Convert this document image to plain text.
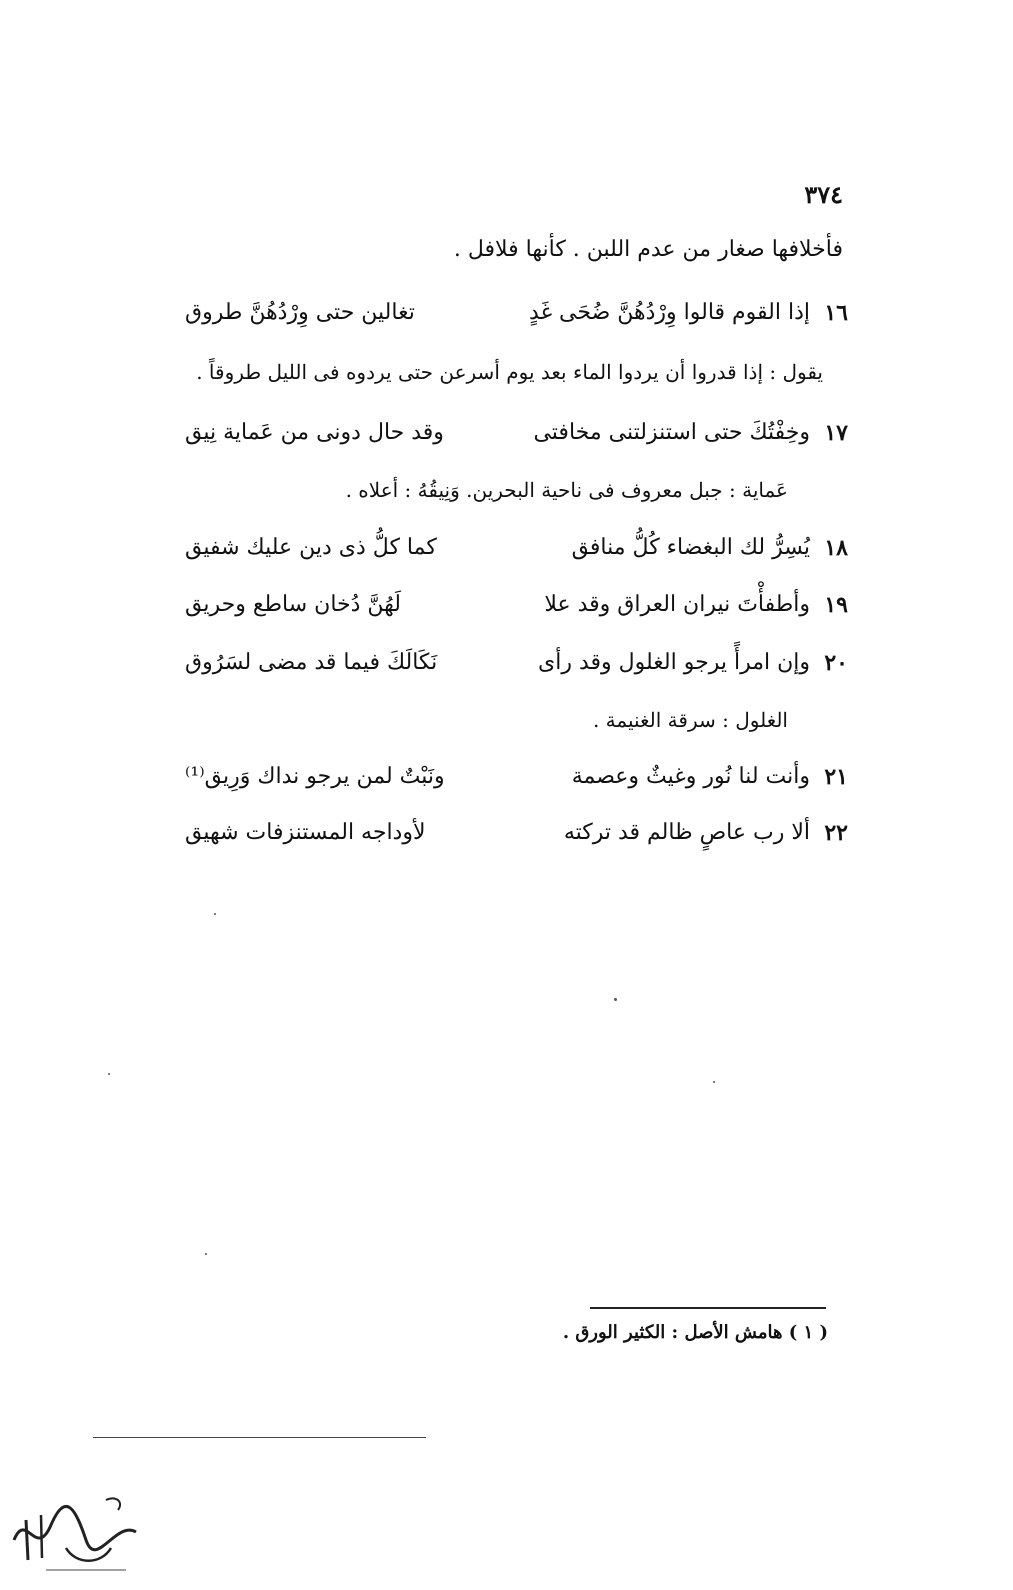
٣٧٤
فأخلافها صغار من عدم اللبن . كأنها فلافل .
١٦
إذا القوم قالوا وِرْدُهُنَّ ضُحَى غَدٍ
تغالين حتى وِرْدُهُنَّ طروق
يقول : إذا قدروا أن يردوا الماء بعد يوم أسرعن حتى يردوه فى الليل طروقاً .
١٧
وخِفْتُكَ حتى استنزلتنى مخافتى
وقد حال دونى من عَماية نِيق
عَماية : جبل معروف فى ناحية البحرين. وَنِيقُهُ : أعلاه .
١٨
يُسِرُّ لك البغضاء كُلُّ منافق
كما كلُّ ذى دين عليك شفيق
١٩
وأطفأْتَ نيران العراق وقد علا
لَهُنَّ دُخان ساطع وحريق
٢٠
وإن امرأً يرجو الغلول وقد رأى
نَكَالَكَ فيما قد مضى لسَرُوق
الغلول : سرقة الغنيمة .
٢١
وأنت لنا نُور وغيثٌ وعصمة
ونَبْتٌ لمن يرجو نداك وَرِيق⁽¹⁾
٢٢
ألا رب عاصٍ ظالم قد تركته
لأوداجه المستنزفات شهيق
( ١ ) هامش الأصل : الكثير الورق .
